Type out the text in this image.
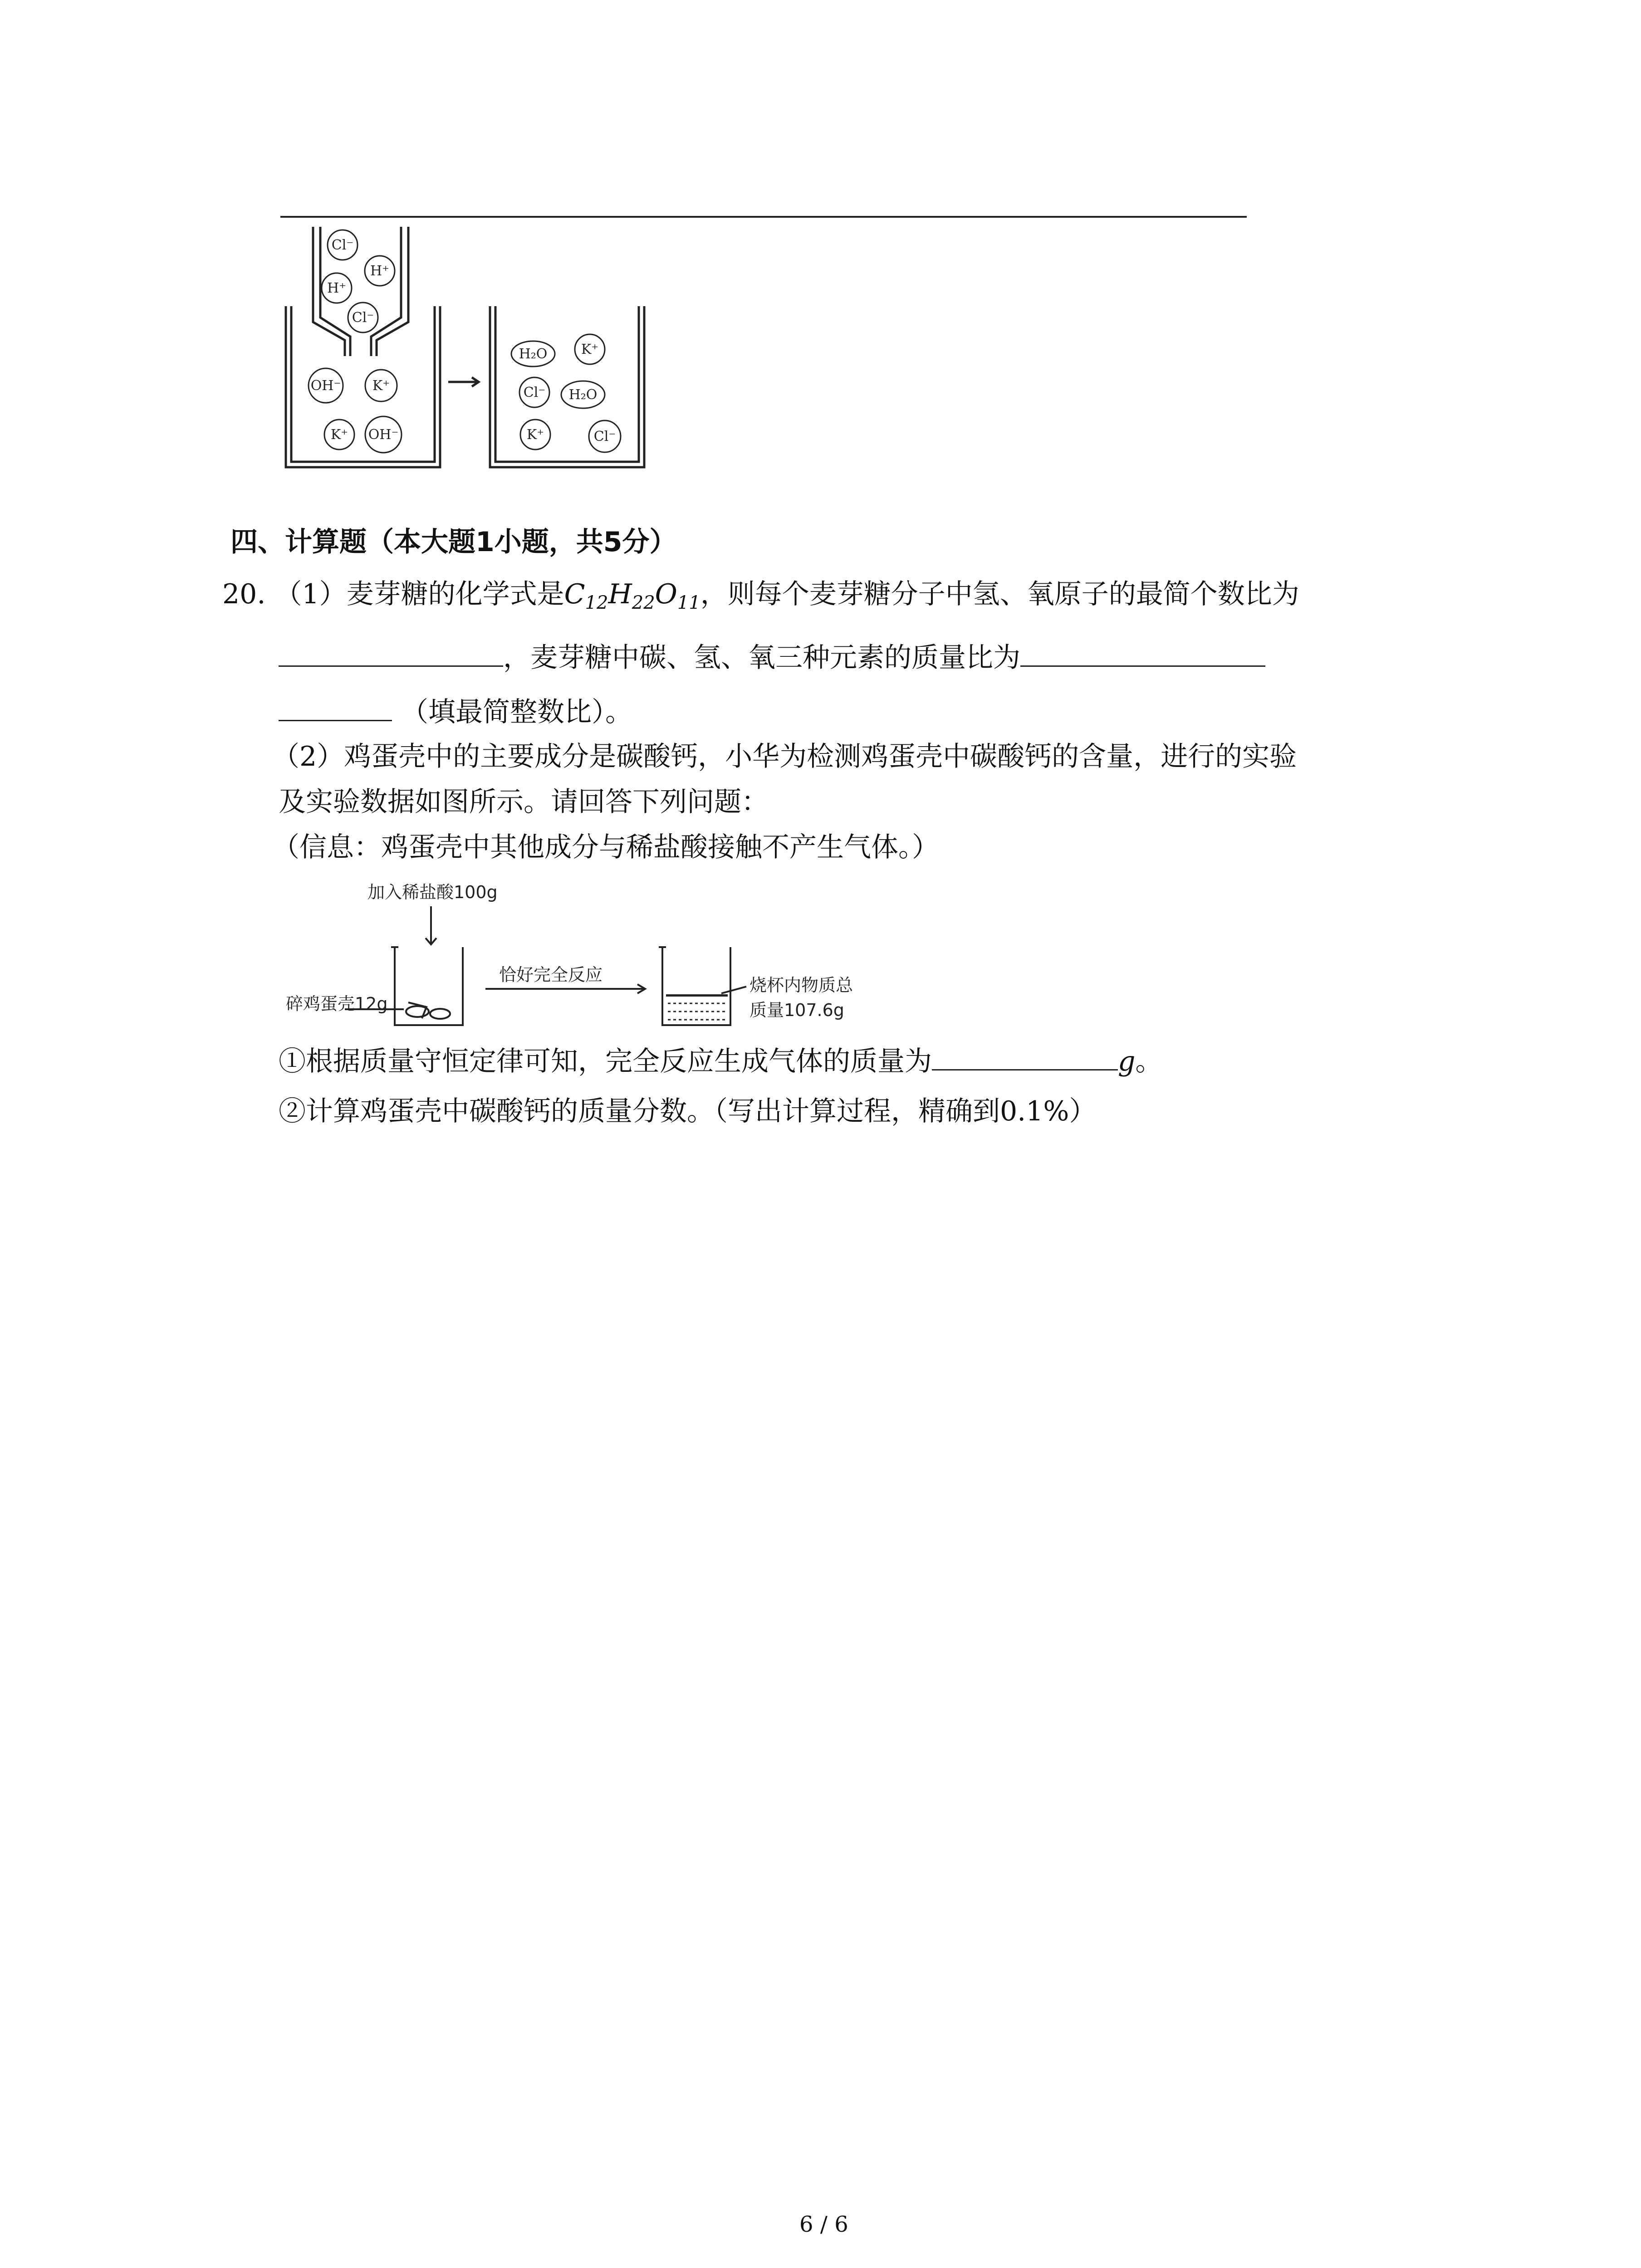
Cl⁻
H⁺
H⁺
Cl⁻
OH⁻ K⁺
K⁺ OH⁻
H₂O K⁺
Cl⁻ H₂O
K⁺	Cl⁻
四、计算题（本大题1小题，共5分）
20. （1）麦芽糖的化学式是$C_{12}H_{22}O_{11}$，则每个麦芽糖分子中氢、氧原子的最简个数比为
，麦芽糖中碳、氢、氧三种元素的质量比为
（填最简整数比）。
（2）鸡蛋壳中的主要成分是碳酸钙，小华为检测鸡蛋壳中碳酸钙的含量，进行的实验
及实验数据如图所示。请回答下列问题：
（信息：鸡蛋壳中其他成分与稀盐酸接触不产生气体。）
加入稀盐酸100g
碎鸡蛋壳12g
恰好完全反应
烧杯内物质总
质量107.6g
①根据质量守恒定律可知，完全反应生成气体的质量为	g。
②计算鸡蛋壳中碳酸钙的质量分数。（写出计算过程，精确到0.1%）
6 / 6
